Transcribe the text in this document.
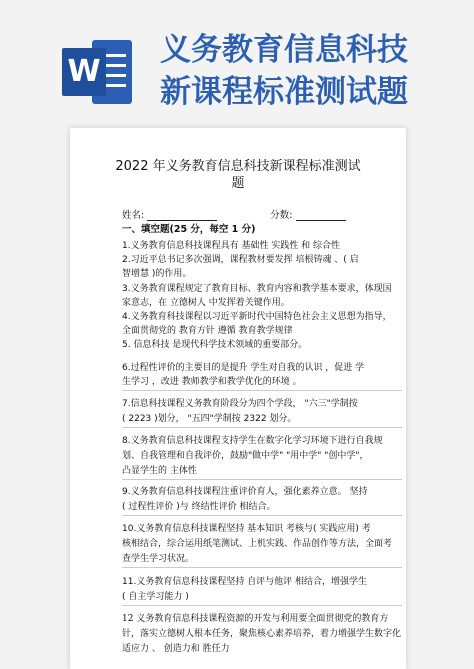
W
义务教育信息科技
新课程标准测试题
2022 年义务教育信息科技新课程标准测试
题
姓名:	分数:
一、填空题(25 分，每空 1 分)
1.义务教育信息科技课程具有 基础性 实践性 和 综合性
2.习近平总书记多次强调，课程教材要发挥 培根铸魂 、( 启
智增慧 )的作用。
3.义务教育课程规定了教育目标、教育内容和教学基本要求，体现国
家意志，在 立德树人 中发挥着关键作用。
4.义务教育科技课程以习近平新时代中国特色社会主义思想为指导，
全面贯彻党的 教育方针 遵循 教育教学规律
5. 信息科技 是现代科学技术领域的重要部分。
6.过程性评价的主要目的是提升 学生对自我的认识 ，促进 学
生学习 ，改进 教师教学和教学优化的环境 。
7.信息科技课程义务教育阶段分为四个学段， "六三"学制按
( 2223 )划分， "五四"学制按 2322 划分。
8.义务教育信息科技课程支持学生在数字化学习环境下进行自我规
划、自我管理和自我评价，鼓励"做中学" "用中学" "创中学"，
凸显学生的 主体性
9.义务教育信息科技课程注重评价育人，强化素养立意。 坚持
( 过程性评价 )与 终结性评价 相结合。
10.义务教育信息科技课程坚持 基本知识 考核与( 实践应用) 考
核相结合，综合运用纸笔测试、上机实践、作品创作等方法，全面考
查学生学习状况。
11.义务教育信息科技课程坚持 自评与他评 相结合，增强学生
( 自主学习能力 )
12 义务教育信息科技课程资源的开发与利用要全面贯彻党的教育方
针，落实立德树人根本任务，聚焦核心素养培养，着力增强学生数字化
适应力 、 创造力和 胜任力
